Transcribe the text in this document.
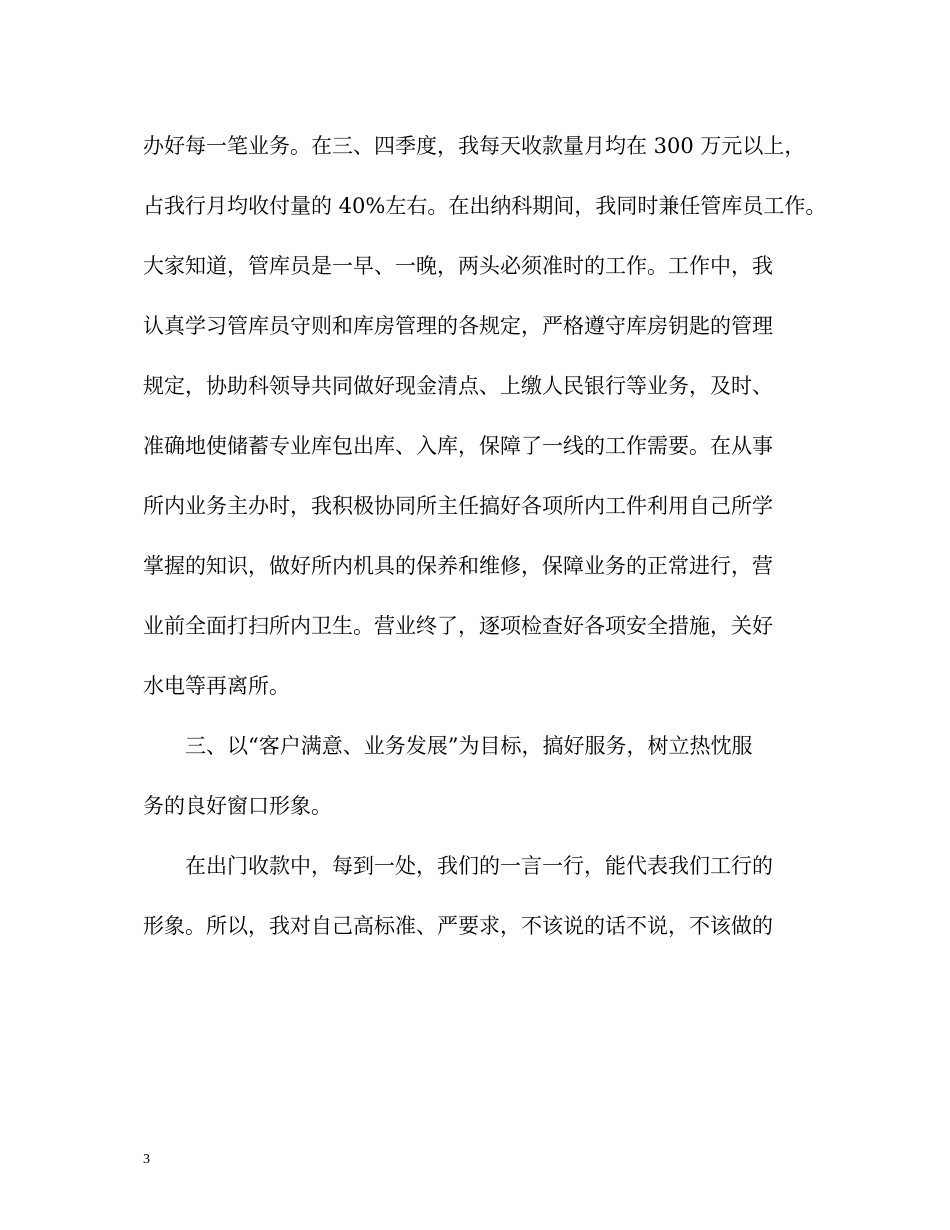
办好每一笔业务。在三、四季度，我每天收款量月均在 300 万元以上，
占我行月均收付量的 40%左右。在出纳科期间，我同时兼任管库员工作。
大家知道，管库员是一早、一晚，两头必须准时的工作。工作中，我
认真学习管库员守则和库房管理的各规定，严格遵守库房钥匙的管理
规定，协助科领导共同做好现金清点、上缴人民银行等业务，及时、
准确地使储蓄专业库包出库、入库，保障了一线的工作需要。在从事
所内业务主办时，我积极协同所主任搞好各项所内工件利用自己所学
掌握的知识，做好所内机具的保养和维修，保障业务的正常进行，营
业前全面打扫所内卫生。营业终了，逐项检查好各项安全措施，关好
水电等再离所。
三、以“客户满意、业务发展”为目标，搞好服务，树立热忱服
务的良好窗口形象。
在出门收款中，每到一处，我们的一言一行，能代表我们工行的
形象。所以，我对自己高标准、严要求，不该说的话不说，不该做的
3
